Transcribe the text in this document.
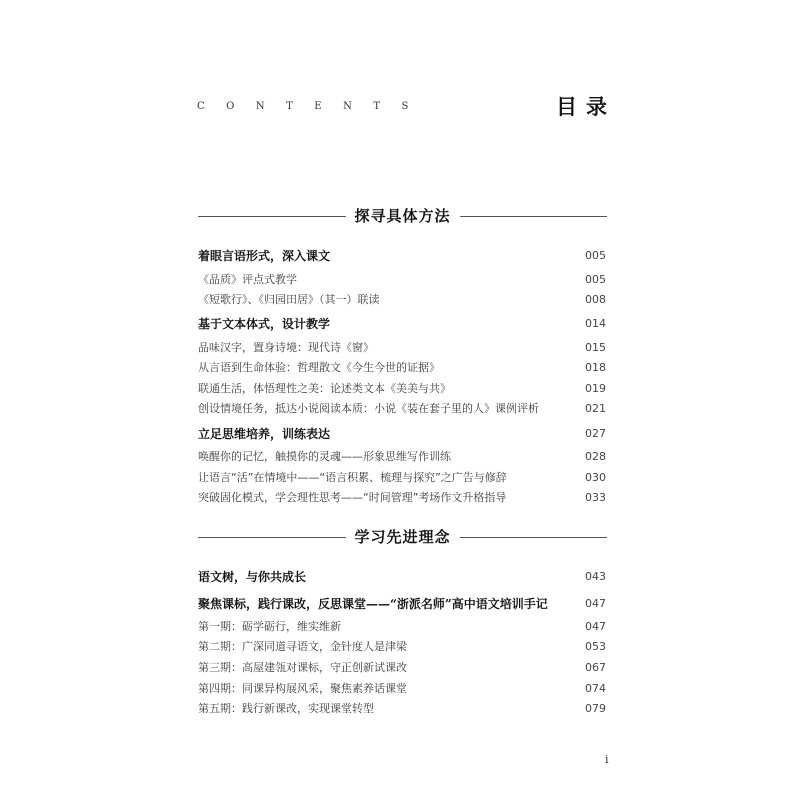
CONTENTS	目录
探寻具体方法
着眼言语形式，深入课文	005
《品质》评点式教学	005
《短歌行》、《归园田居》（其一）联读	008
基于文本体式，设计教学	014
品味汉字，置身诗境：现代诗《窗》	015
从言语到生命体验：哲理散文《今生今世的证据》	018
联通生活，体悟理性之美：论述类文本《美美与共》	019
创设情境任务，抵达小说阅读本质：小说《装在套子里的人》课例评析	021
立足思维培养，训练表达	027
唤醒你的记忆，触摸你的灵魂——形象思维写作训练	028
让语言“活”在情境中——“语言积累、梳理与探究”之广告与修辞	030
突破固化模式，学会理性思考——“时间管理”考场作文升格指导	033
学习先进理念
语文树，与你共成长	043
聚焦课标，践行课改，反思课堂——“浙派名师”高中语文培训手记	047
第一期：砺学砺行，维实维新	047
第二期：广深同道寻语文，金针度人是津梁	053
第三期：高屋建瓴对课标，守正创新试课改	067
第四期：同课异构展风采，聚焦素养话课堂	074
第五期：践行新课改，实现课堂转型	079
i
